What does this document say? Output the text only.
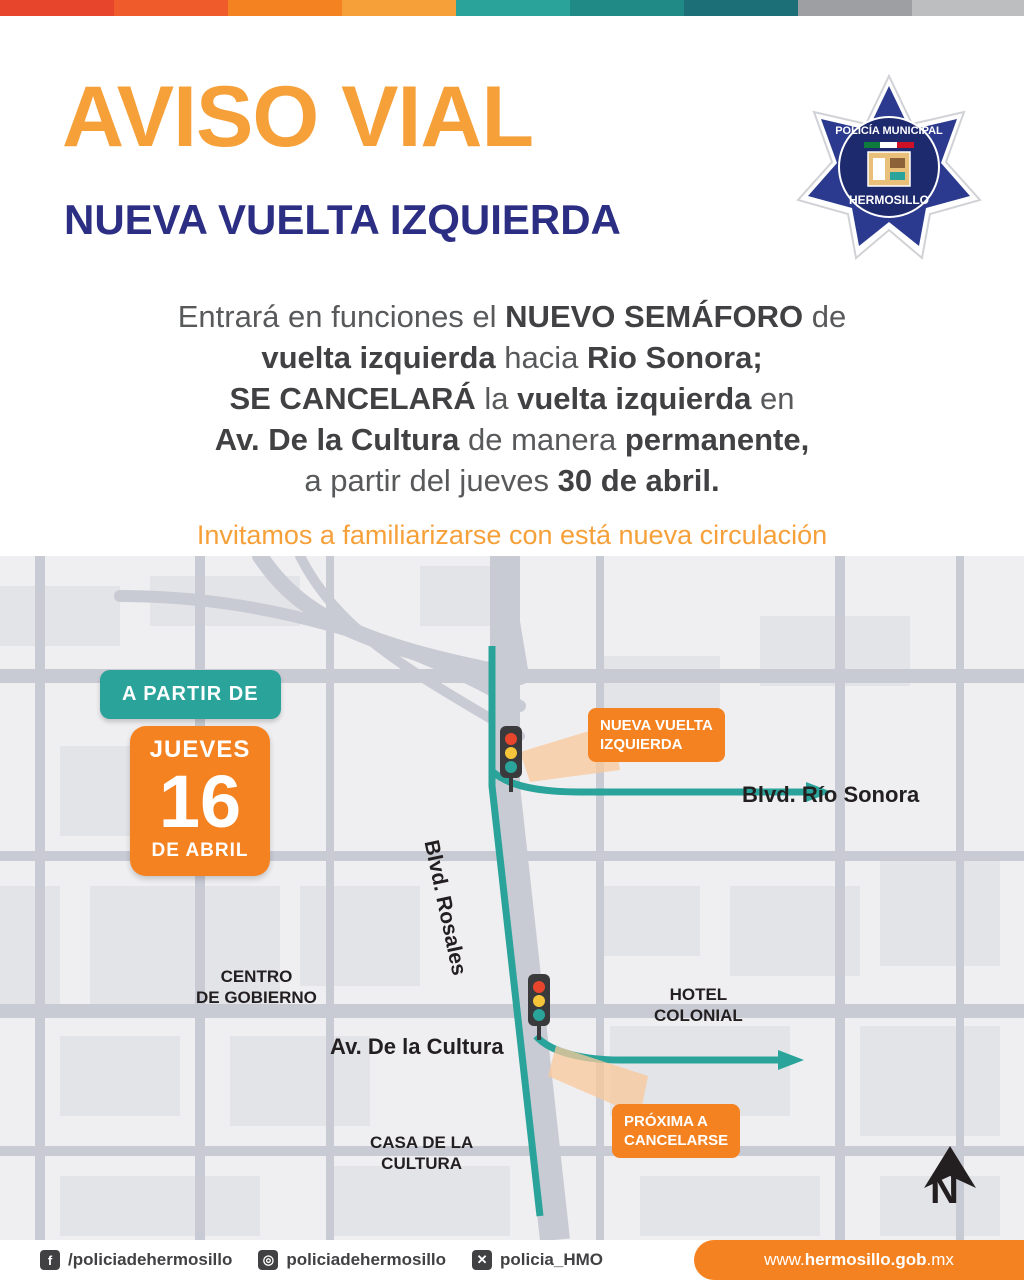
AVISO VIAL
NUEVA VUELTA IZQUIERDA
POLICÍA MUNICIPAL
HERMOSILLO
Entrará en funciones el NUEVO SEMÁFORO de
vuelta izquierda hacia Rio Sonora;
SE CANCELARÁ la vuelta izquierda en
Av. De la Cultura de manera permanente,
a partir del jueves 30 de abril.
Invitamos a familiarizarse con está nueva circulación
A PARTIR DE
JUEVES
16
DE ABRIL
NUEVA VUELTA
IZQUIERDA
PRÓXIMA A
CANCELARSE
Blvd. Río Sonora
Av. De la Cultura
Blvd. Rosales
CENTRO
DE GOBIERNO	HOTEL
COLONIAL
CASA DE LA
CULTURA
N
f /policiadehermosillo	◎ policiadehermosillo	✕ policia_HMO	www. hermosillo.gob .mx
